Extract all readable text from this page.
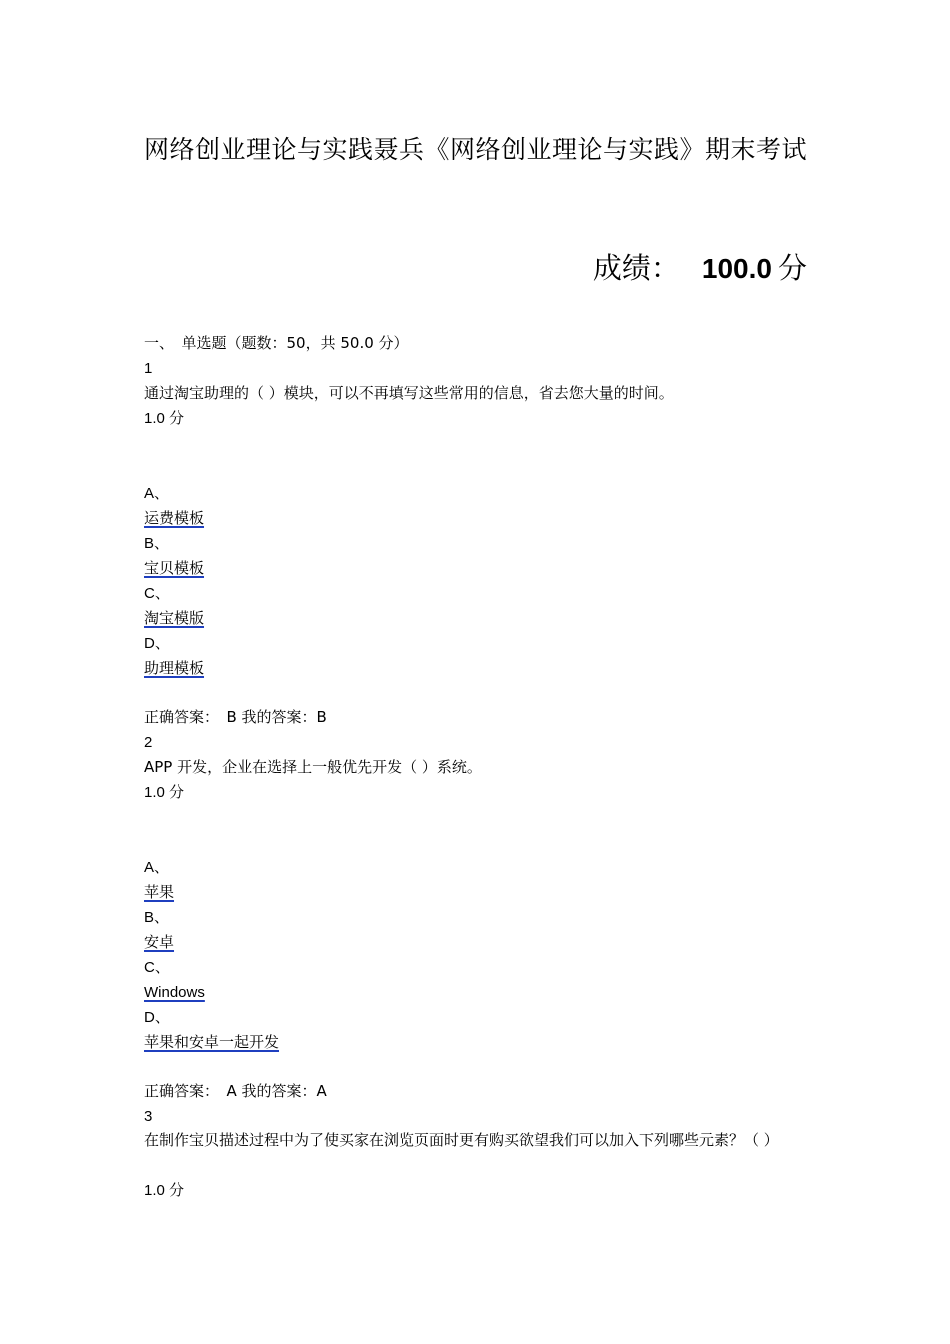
网络创业理论与实践聂兵《网络创业理论与实践》期末考试
成绩： 100.0 分
一、　单选题（题数：50，共 50.0 分）
1
通过淘宝助理的（ ）模块，可以不再填写这些常用的信息，省去您大量的时间。
1.0 分
A、
运费模板
B、
宝贝模板
C、
淘宝模版
D、
助理模板
正确答案：　B 我的答案：B
2
APP 开发，企业在选择上一般优先开发（ ）系统。
1.0 分
A、
苹果
B、
安卓
C、
Windows
D、
苹果和安卓一起开发
正确答案：　A 我的答案：A
3
在制作宝贝描述过程中为了使买家在浏览页面时更有购买欲望我们可以加入下列哪些元素？（ ）
1.0 分
